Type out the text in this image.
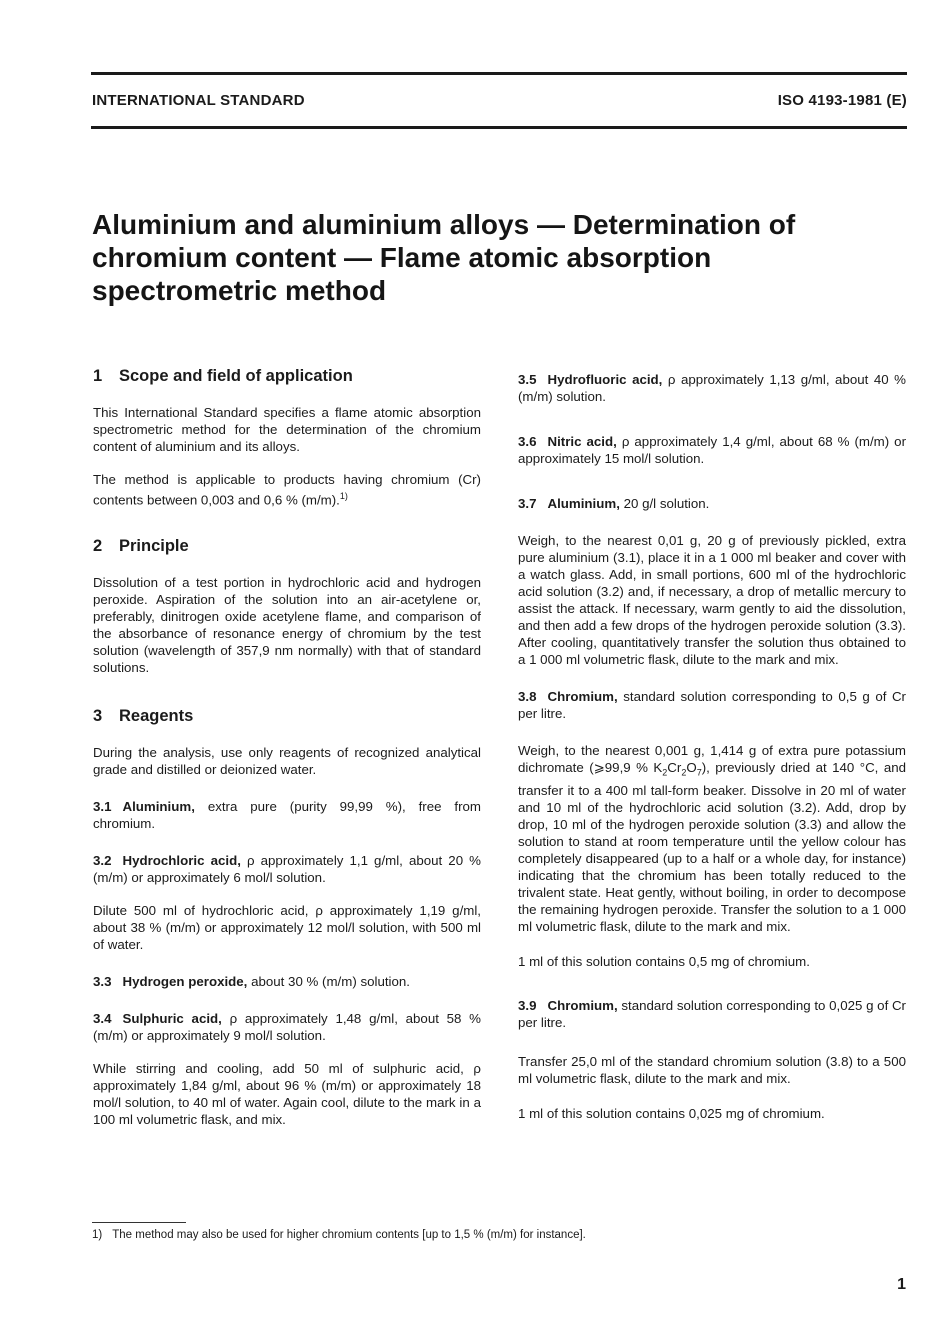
INTERNATIONAL STANDARD	ISO 4193-1981 (E)
Aluminium and aluminium alloys — Determination of chromium content — Flame atomic absorption spectrometric method
1 Scope and field of application

This International Standard specifies a flame atomic absorption spectrometric method for the determination of the chromium content of aluminium and its alloys.

The method is applicable to products having chromium (Cr) contents between 0,003 and 0,6 % (m/m).$^{1)}$

2 Principle

Dissolution of a test portion in hydrochloric acid and hydrogen peroxide. Aspiration of the solution into an air-acetylene or, preferably, dinitrogen oxide acetylene flame, and comparison of the absorbance of resonance energy of chromium by the test solution (wavelength of 357,9 nm normally) with that of standard solutions.

3 Reagents

During the analysis, use only reagents of recognized analytical grade and distilled or deionized water.

3.1 Aluminium, extra pure (purity 99,99 %), free from chromium.

3.2 Hydrochloric acid, ρ approximately 1,1 g/ml, about 20 % (m/m) or approximately 6 mol/l solution.

Dilute 500 ml of hydrochloric acid, ρ approximately 1,19 g/ml, about 38 % (m/m) or approximately 12 mol/l solution, with 500 ml of water.

3.3 Hydrogen peroxide, about 30 % (m/m) solution.

3.4 Sulphuric acid, ρ approximately 1,48 g/ml, about 58 % (m/m) or approximately 9 mol/l solution.

While stirring and cooling, add 50 ml of sulphuric acid, ρ approximately 1,84 g/ml, about 96 % (m/m) or approximately 18 mol/l solution, to 40 ml of water. Again cool, dilute to the mark in a 100 ml volumetric flask, and mix.

3.5 Hydrofluoric acid, ρ approximately 1,13 g/ml, about 40 % (m/m) solution.

3.6 Nitric acid, ρ approximately 1,4 g/ml, about 68 % (m/m) or approximately 15 mol/l solution.

3.7 Aluminium, 20 g/l solution.

Weigh, to the nearest 0,01 g, 20 g of previously pickled, extra pure aluminium (3.1), place it in a 1 000 ml beaker and cover with a watch glass. Add, in small portions, 600 ml of the hydrochloric acid solution (3.2) and, if necessary, a drop of metallic mercury to assist the attack. If necessary, warm gently to aid the dissolution, and then add a few drops of the hydrogen peroxide solution (3.3). After cooling, quantitatively transfer the solution thus obtained to a 1 000 ml volumetric flask, dilute to the mark and mix.

3.8 Chromium, standard solution corresponding to 0,5 g of Cr per litre.

Weigh, to the nearest 0,001 g, 1,414 g of extra pure potassium dichromate (⩾99,9 % $K_2Cr_2O_7$), previously dried at 140 °C, and transfer it to a 400 ml tall-form beaker. Dissolve in 20 ml of water and 10 ml of the hydrochloric acid solution (3.2). Add, drop by drop, 10 ml of the hydrogen peroxide solution (3.3) and allow the solution to stand at room temperature until the yellow colour has completely disappeared (up to a half or a whole day, for instance) indicating that the chromium has been totally reduced to the trivalent state. Heat gently, without boiling, in order to decompose the remaining hydrogen peroxide. Transfer the solution to a 1 000 ml volumetric flask, dilute to the mark and mix.

1 ml of this solution contains 0,5 mg of chromium.

3.9 Chromium, standard solution corresponding to 0,025 g of Cr per litre.

Transfer 25,0 ml of the standard chromium solution (3.8) to a 500 ml volumetric flask, dilute to the mark and mix.

1 ml of this solution contains 0,025 mg of chromium.

1) The method may also be used for higher chromium contents [up to 1,5 % (m/m) for instance].
1
